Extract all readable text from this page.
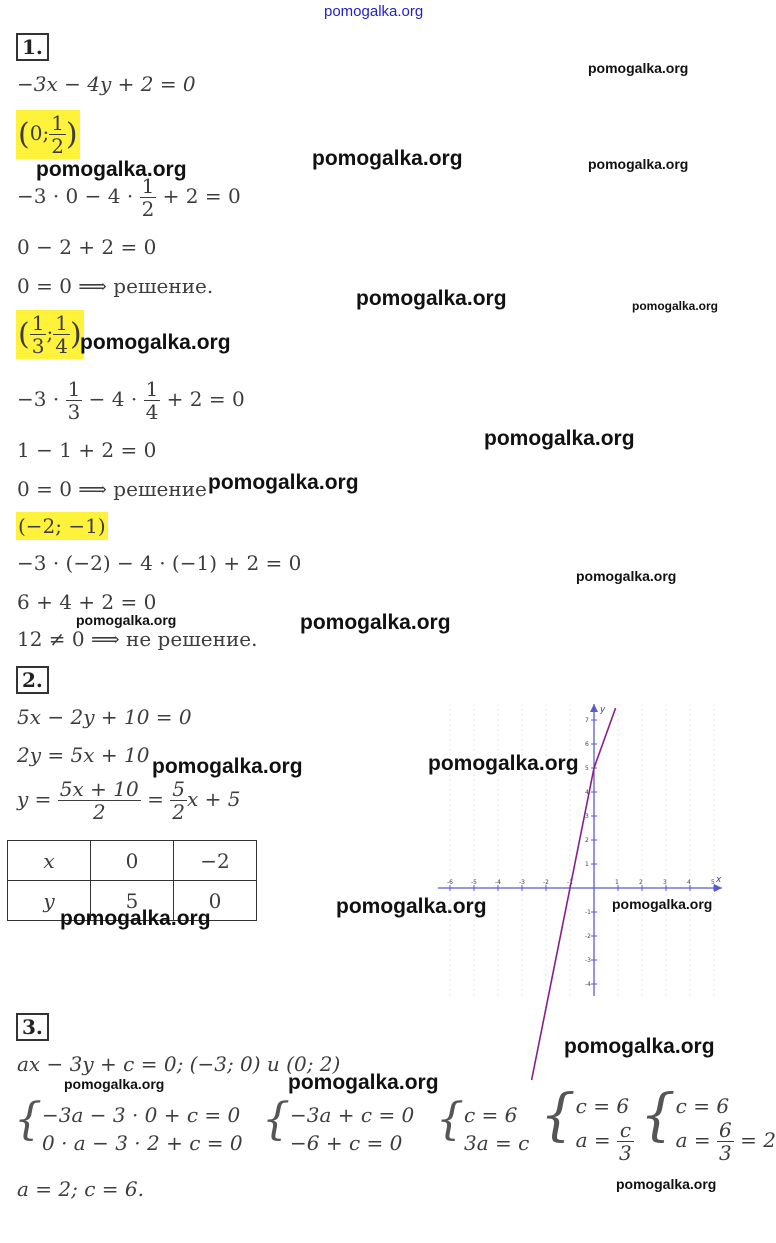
pomogalka.org
1.
−3x − 4y + 2 = 0
pomogalka.org
(0; $\frac{1}{2}$ )
pomogalka.org	pomogalka.org	pomogalka.org
$-3 \cdot 0 - 4 \cdot \frac{1}{2} + 2 = 0$
0 − 2 + 2 = 0
0 = 0 ⟹ решение.
pomogalka.org	pomogalka.org
( $\frac{1}{3}$ ; $\frac{1}{4}$ )
pomogalka.org
$-3 \cdot \frac{1}{3} - 4 \cdot \frac{1}{4} + 2 = 0$
pomogalka.org
1 − 1 + 2 = 0
0 = 0 ⟹ решение pomogalka.org
(−2; −1)
−3 · (−2) − 4 · (−1) + 2 = 0
pomogalka.org
6 + 4 + 2 = 0
pomogalka.org
12 ≠ 0 ⟹ не решение.
pomogalka.org
2.
5x − 2y + 10 = 0
2y = 5x + 10 pomogalka.org
$y = \frac{5x + 10}{2} = \frac{5}{2}$ x + 5
x	0	−2
y	5	0
pomogalka.org
pomogalka.org
x
y
-6	-5	-4	-3	-2	-1	1	2	3	4	5
7
6
5
4
3
2
1
-1
-2
-3
-4
pomogalka.org
pomogalka.org
3.
ax − 3y + c = 0; (−3; 0) и (0; 2)
pomogalka.org
pomogalka.org	pomogalka.org
{−3a − 3 · 0 + c = 0
0 · a − 3 · 2 + c = 0 {−3a + c = 0
−6 + c = 0 {c = 6
3a = c {c = 6
$a = \frac{c}{3} \{c = 6$
$a = \frac{6}{3} = 2$
a = 2; c = 6.	pomogalka.org
